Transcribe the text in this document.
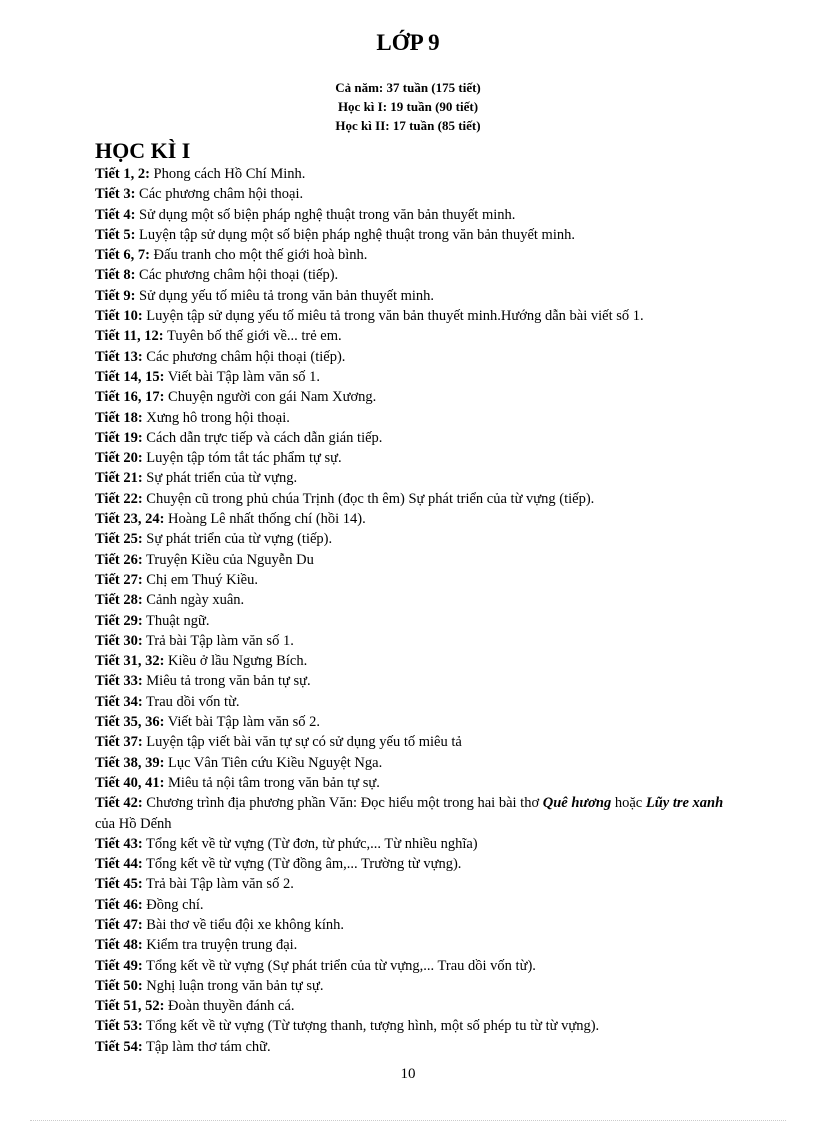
LỚP 9
Cả năm: 37 tuần (175 tiết)
Học kì I: 19 tuần (90 tiết)
Học kì II: 17 tuần (85 tiết)
HỌC KÌ I
Tiết 1, 2: Phong cách Hồ Chí Minh.
Tiết 3: Các phương châm hội thoại.
Tiết 4: Sử dụng một số biện pháp nghệ thuật trong văn bản thuyết minh.
Tiết 5: Luyện tập sử dụng một số biện pháp nghệ thuật trong văn bản thuyết minh.
Tiết 6, 7: Đấu tranh cho một thế giới hoà bình.
Tiết 8: Các phương châm hội thoại (tiếp).
Tiết 9: Sử dụng yếu tố miêu tả trong văn bản thuyết minh.
Tiết 10: Luyện tập sử dụng yếu tố miêu tả trong văn bản thuyết minh.Hướng dẫn bài viết số 1.
Tiết 11, 12: Tuyên bố thế giới về... trẻ em.
Tiết 13: Các phương châm hội thoại (tiếp).
Tiết 14, 15: Viết bài Tập làm văn số 1.
Tiết 16, 17: Chuyện người con gái Nam Xương.
Tiết 18: Xưng hô trong hội thoại.
Tiết 19: Cách dẫn trực tiếp và cách dẫn gián tiếp.
Tiết 20: Luyện tập tóm tắt tác phẩm tự sự.
Tiết 21: Sự phát triển của từ vựng.
Tiết 22: Chuyện cũ trong phủ chúa Trịnh (đọc th êm) Sự phát triển của từ vựng (tiếp).
Tiết 23, 24: Hoàng Lê nhất thống chí (hồi 14).
Tiết 25: Sự phát triển của từ vựng (tiếp).
Tiết 26: Truyện Kiều của Nguyễn Du
Tiết 27: Chị em Thuý Kiều.
Tiết 28: Cảnh ngày xuân.
Tiết 29: Thuật ngữ.
Tiết 30: Trả bài Tập làm văn số 1.
Tiết 31, 32: Kiều ở lầu Ngưng Bích.
Tiết 33: Miêu tả trong văn bản tự sự.
Tiết 34: Trau dồi vốn từ.
Tiết 35, 36: Viết bài Tập làm văn số 2.
Tiết 37: Luyện tập viết bài văn tự sự có sử dụng yếu tố miêu tả
Tiết 38, 39: Lục Vân Tiên cứu Kiều Nguyệt Nga.
Tiết 40, 41: Miêu tả nội tâm trong văn bản tự sự.
Tiết 42: Chương trình địa phương phần Văn: Đọc hiểu một trong hai bài thơ Quê hương hoặc Lũy tre xanh của Hồ Dếnh
Tiết 43: Tổng kết về từ vựng (Từ đơn, từ phức,... Từ nhiều nghĩa)
Tiết 44: Tổng kết về từ vựng (Từ đồng âm,... Trường từ vựng).
Tiết 45: Trả bài Tập làm văn số 2.
Tiết 46: Đồng chí.
Tiết 47: Bài thơ về tiểu đội xe không kính.
Tiết 48: Kiểm tra truyện trung đại.
Tiết 49: Tổng kết về từ vựng (Sự phát triển của từ vựng,... Trau dồi vốn từ).
Tiết 50: Nghị luận trong văn bản tự sự.
Tiết 51, 52: Đoàn thuyền đánh cá.
Tiết 53: Tổng kết về từ vựng (Từ tượng thanh, tượng hình, một số phép tu từ từ vựng).
Tiết 54: Tập làm thơ tám chữ.
10
